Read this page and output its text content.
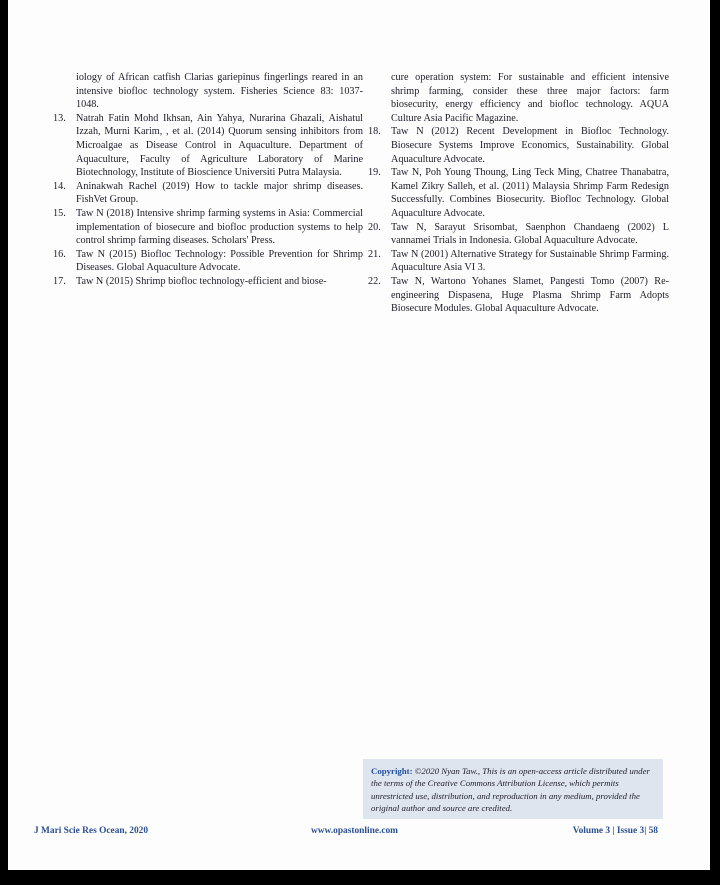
iology of African catfish Clarias gariepinus fingerlings reared in an intensive biofloc technology system. Fisheries Science 83: 1037-1048.

13. Natrah Fatin Mohd Ikhsan, Ain Yahya, Nurarina Ghazali, Aishatul Izzah, Murni Karim, , et al. (2014) Quorum sensing inhibitors from Microalgae as Disease Control in Aquaculture. Department of Aquaculture, Faculty of Agriculture Laboratory of Marine Biotechnology, Institute of Bioscience Universiti Putra Malaysia.
14. Aninakwah Rachel (2019) How to tackle major shrimp diseases. FishVet Group.
15. Taw N (2018) Intensive shrimp farming systems in Asia: Commercial implementation of biosecure and biofloc production systems to help control shrimp farming diseases. Scholars' Press.
16. Taw N (2015) Biofloc Technology: Possible Prevention for Shrimp Diseases. Global Aquaculture Advocate.
17. Taw N (2015) Shrimp biofloc technology-efficient and biose-

cure operation system: For sustainable and efficient intensive shrimp farming, consider these three major factors: farm biosecurity, energy efficiency and biofloc technology. AQUA Culture Asia Pacific Magazine.

18. Taw N (2012) Recent Development in Biofloc Technology. Biosecure Systems Improve Economics, Sustainability. Global Aquaculture Advocate.
19. Taw N, Poh Young Thoung, Ling Teck Ming, Chatree Thanabatra, Kamel Zikry Salleh, et al. (2011) Malaysia Shrimp Farm Redesign Successfully. Combines Biosecurity. Biofloc Technology. Global Aquaculture Advocate.
20. Taw N, Sarayut Srisombat, Saenphon Chandaeng (2002) L vannamei Trials in Indonesia. Global Aquaculture Advocate.
21. Taw N (2001) Alternative Strategy for Sustainable Shrimp Farming. Aquaculture Asia VI 3.
22. Taw N, Wartono Yohanes Slamet, Pangesti Tomo (2007) Re-engineering Dispasena, Huge Plasma Shrimp Farm Adopts Biosecure Modules. Global Aquaculture Advocate.
Copyright: ©2020 Nyan Taw., This is an open-access article distributed under the terms of the Creative Commons Attribution License, which permits unrestricted use, distribution, and reproduction in any medium, provided the original author and source are credited.
J Mari Scie Res Ocean, 2020	www.opastonline.com	Volume 3 | Issue 3| 58
